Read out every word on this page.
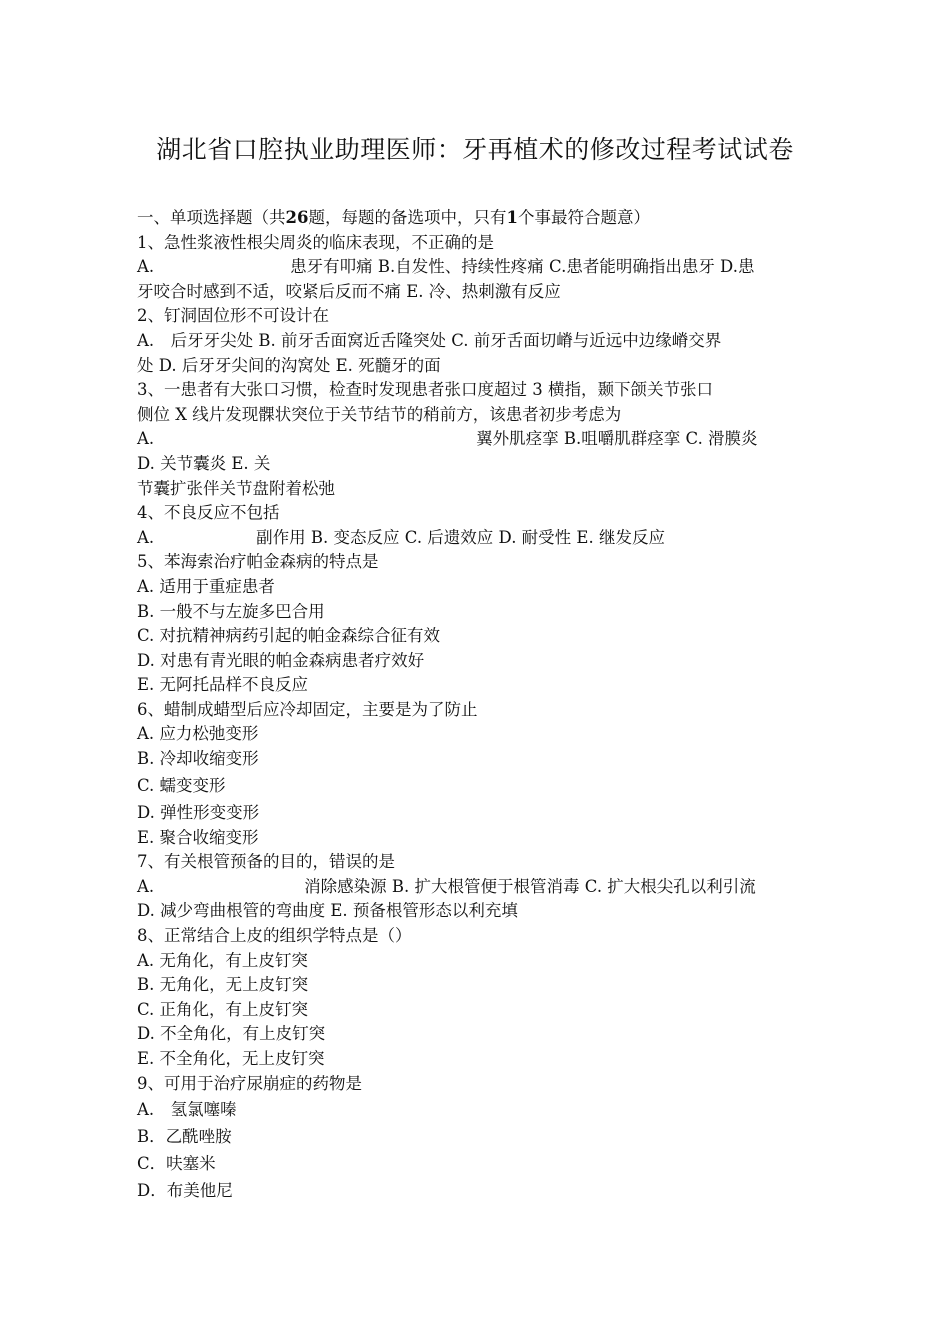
湖北省口腔执业助理医师：牙再植术的修改过程考试试卷
一、单项选择题（共26题，每题的备选项中，只有1个事最符合题意）
1、急性浆液性根尖周炎的临床表现，不正确的是
A.	患牙有叩痛 B.自发性、持续性疼痛 C.患者能明确指出患牙 D.患
牙咬合时感到不适，咬紧后反而不痛 E. 冷、热刺激有反应
2、钉洞固位形不可设计在
A.　后牙牙尖处 B. 前牙舌面窝近舌隆突处 C. 前牙舌面切嵴与近远中边缘嵴交界
处 D. 后牙牙尖间的沟窝处 E. 死髓牙的面
3、一患者有大张口习惯，检查时发现患者张口度超过 3 横指，颞下颌关节张口
侧位 X 线片发现髁状突位于关节结节的稍前方，该患者初步考虑为
A.	翼外肌痉挛 B.咀嚼肌群痉挛 C. 滑膜炎
D. 关节囊炎 E. 关
节囊扩张伴关节盘附着松弛
4、不良反应不包括
A.	副作用 B. 变态反应 C. 后遗效应 D. 耐受性 E. 继发反应
5、苯海索治疗帕金森病的特点是
A. 适用于重症患者
B. 一般不与左旋多巴合用
C. 对抗精神病药引起的帕金森综合征有效
D. 对患有青光眼的帕金森病患者疗效好
E. 无阿托品样不良反应
6、蜡制成蜡型后应冷却固定，主要是为了防止
A. 应力松弛变形
B. 冷却收缩变形
C. 蠕变变形
D. 弹性形变变形
E. 聚合收缩变形
7、有关根管预备的目的，错误的是
A.	消除感染源 B. 扩大根管便于根管消毒 C. 扩大根尖孔以利引流
D. 减少弯曲根管的弯曲度 E. 预备根管形态以利充填
8、正常结合上皮的组织学特点是（）
A. 无角化，有上皮钉突
B. 无角化，无上皮钉突
C. 正角化，有上皮钉突
D. 不全角化，有上皮钉突
E. 不全角化，无上皮钉突
9、可用于治疗尿崩症的药物是
A.　氢氯噻嗪
B．乙酰唑胺
C．呋塞米
D．布美他尼
